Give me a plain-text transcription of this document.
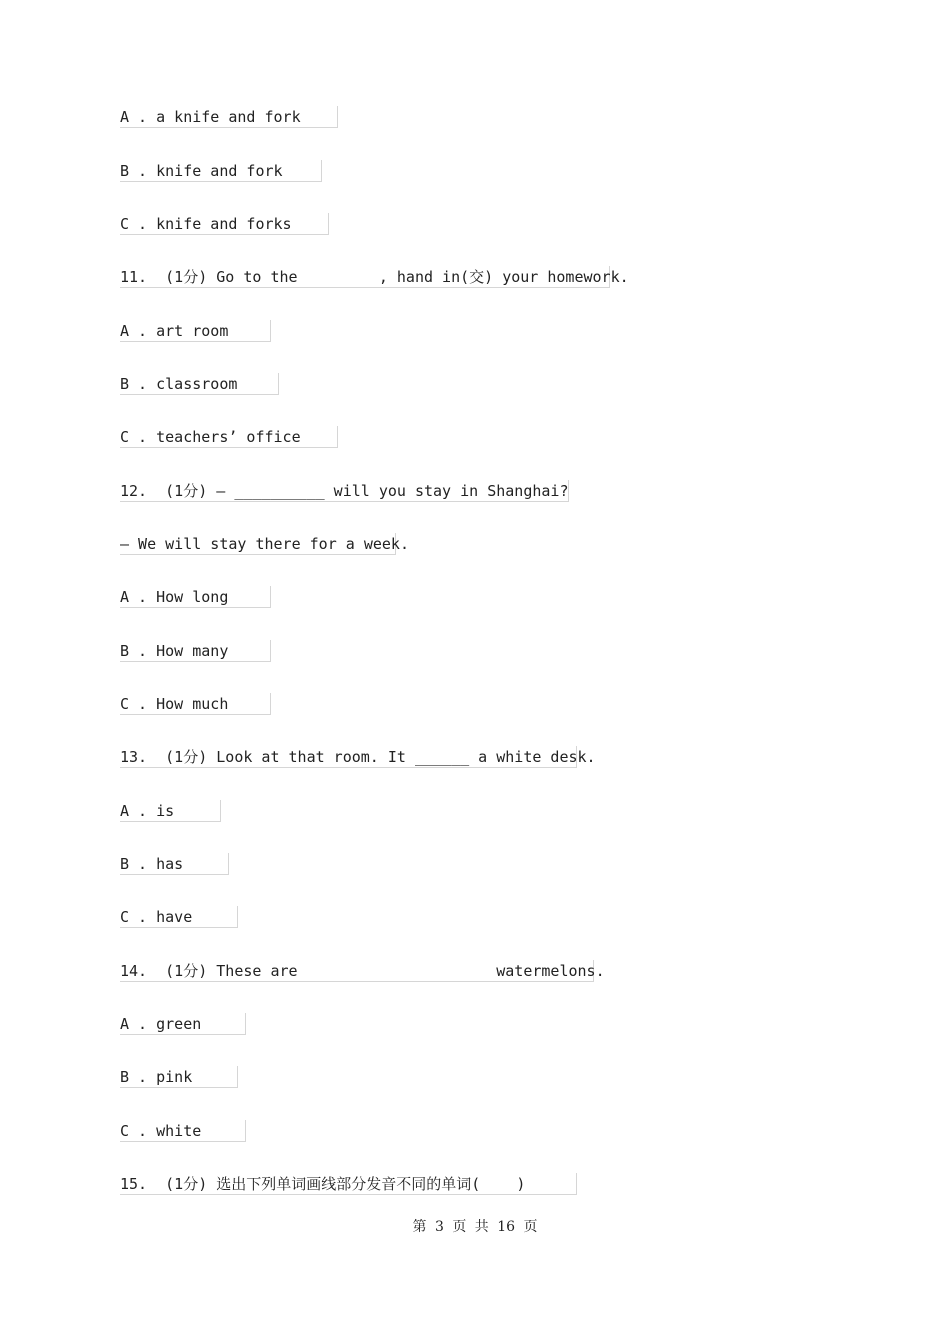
A . a knife and fork
B . knife and fork
C . knife and forks
11.  (1分) Go to the         , hand in(交) your homework.
A . art room
B . classroom
C . teachers’ office
12.  (1分) — __________ will you stay in Shanghai?
— We will stay there for a week.
A . How long
B . How many
C . How much
13.  (1分) Look at that room. It ______ a white desk.
A . is
B . has
C . have
14.  (1分) These are                      watermelons.
A . green
B . pink
C . white
15.  (1分) 选出下列单词画线部分发音不同的单词(    )
第 3 页 共 16 页
